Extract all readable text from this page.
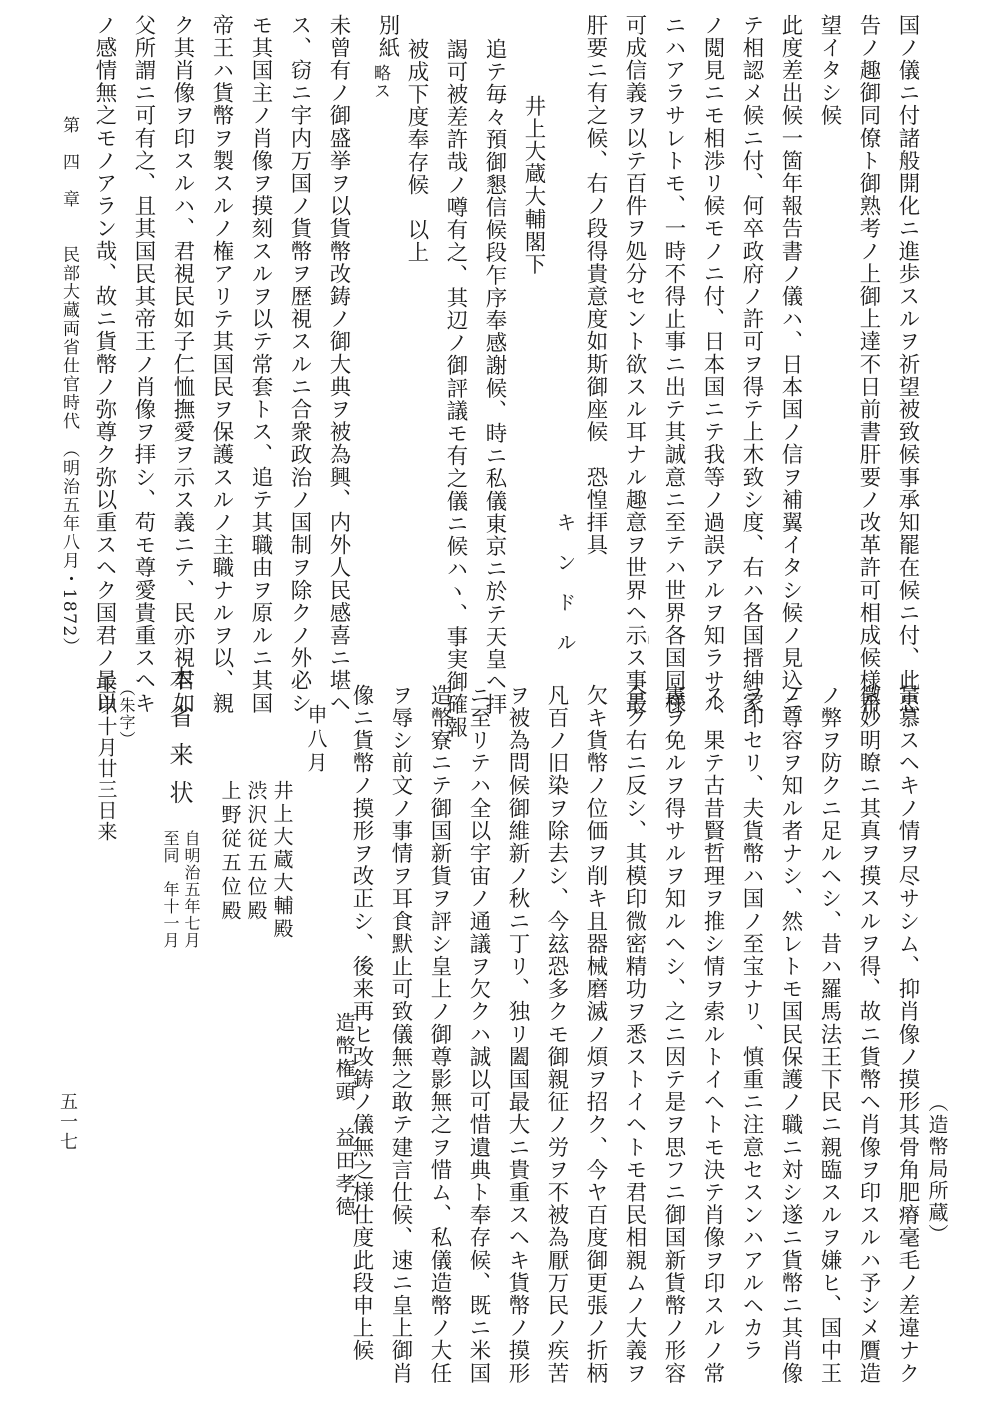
国ノ儀ニ付諸般開化ニ進歩スルヲ祈望被致候事承知罷在候ニ付、此忠
告ノ趣御同僚ト御熟考ノ上御上達不日前書肝要ノ改革許可相成候様希
望イタシ候
此度差出候一箇年報告書ノ儀ハ、日本国ノ信ヲ補翼イタシ候ノ見込ニ
テ相認メ候ニ付、何卒政府ノ許可ヲ得テ上木致シ度、右ハ各国搢紳家
ノ閲見ニモ相渉リ候モノニ付、日本国ニテ我等ノ過誤アルヲ知ラサル
ニハアラサレトモ、一時不得止事ニ出テ其誠意ニ至テハ世界各国同様
可成信義ヲ以テ百件ヲ処分セント欲スル耳ナル趣意ヲ世界ヘ示ス事最
肝要ニ有之候、右ノ段得貴意度如斯御座候　恐惶拝具
キンドル
井上大蔵大輔閣下
追テ毎々預御懇信候段乍序奉感謝候、時ニ私儀東京ニ於テ天皇ヘ拝
謁可被差許哉ノ噂有之、其辺ノ御評議モ有之儀ニ候ハヽ、事実御確報
被成下度奉存候　以上
別紙
略ス
未曾有ノ御盛挙ヲ以貨幣改鋳ノ御大典ヲ被為興、内外人民感喜ニ堪ヘ
ス、窃ニ宇内万国ノ貨幣ヲ歴視スルニ合衆政治ノ国制ヲ除クノ外必シ
モ其国主ノ肖像ヲ摸刻スルヲ以テ常套トス、追テ其職由ヲ原ルニ其国
帝王ハ貨幣ヲ製スルノ権アリテ其国民ヲ保護スルノ主職ナルヲ以、親
ク其肖像ヲ印スルハ、君視民如子仁恤撫愛ヲ示ス義ニテ、民亦視君如
父所謂ニ可有之、且其国民其帝王ノ肖像ヲ拝シ、苟モ尊愛貴重スヘキ
ノ感情無之モノアラン哉、故ニ貨幣ノ弥尊ク弥以重スヘク国君ノ最以
第　四　章　　民部大蔵両省仕官時代　（明治五年八月・1872）
景慕スヘキノ情ヲ尽サシム、抑肖像ノ摸形其骨角肥瘠毫毛ノ差違ナク
微妙明瞭ニ其真ヲ摸スルヲ得、故ニ貨幣ヘ肖像ヲ印スルハ予シメ贋造
ノ弊ヲ防クニ足ルヘシ、昔ハ羅馬法王下民ニ親臨スルヲ嫌ヒ、国中王
ノ尊容ヲ知ル者ナシ、然レトモ国民保護ノ職ニ対シ遂ニ貨幣ニ其肖像
ヲ印セリ、夫貨幣ハ国ノ至宝ナリ、慎重ニ注意セスンハアルヘカラ
ス、果テ古昔賢哲理ヲ推シ情ヲ索ルトイヘトモ決テ肖像ヲ印スルノ常
憲ヲ免ルヲ得サルヲ知ルヘシ、之ニ因テ是ヲ思フニ御国新貨幣ノ形容
全ク右ニ反シ、其模印微密精功ヲ悉ストイヘトモ君民相親ムノ大義ヲ
欠キ貨幣ノ位価ヲ削キ且器械磨滅ノ煩ヲ招ク、今ヤ百度御更張ノ折柄
凡百ノ旧染ヲ除去シ、今玆恐多クモ御親征ノ労ヲ不被為厭万民ノ疾苦
ヲ被為問候御維新ノ秋ニ丁リ、独リ闔国最大ニ貴重スヘキ貨幣ノ摸形
ニ至リテハ全以宇宙ノ通議ヲ欠クハ誠以可惜遺典ト奉存候、既ニ米国
造幣寮ニテ御国新貨ヲ評シ皇上ノ御尊影無之ヲ惜ム、私儀造幣ノ大任
ヲ辱シ前文ノ事情ヲ耳食默止可致儀無之敢テ建言仕候、速ニ皇上御肖
像ニ貨幣ノ摸形ヲ改正シ、後来再ヒ改鋳ノ儀無之様仕度此段申上候
造幣権頭　益田孝徳
申八月
井上大蔵大輔殿
渋沢従五位殿
上野従五位殿
自明治五年七月
至同　年十一月
本省来状
（朱字）
壬申十月廿三日来
（造幣局所蔵）
五一七
